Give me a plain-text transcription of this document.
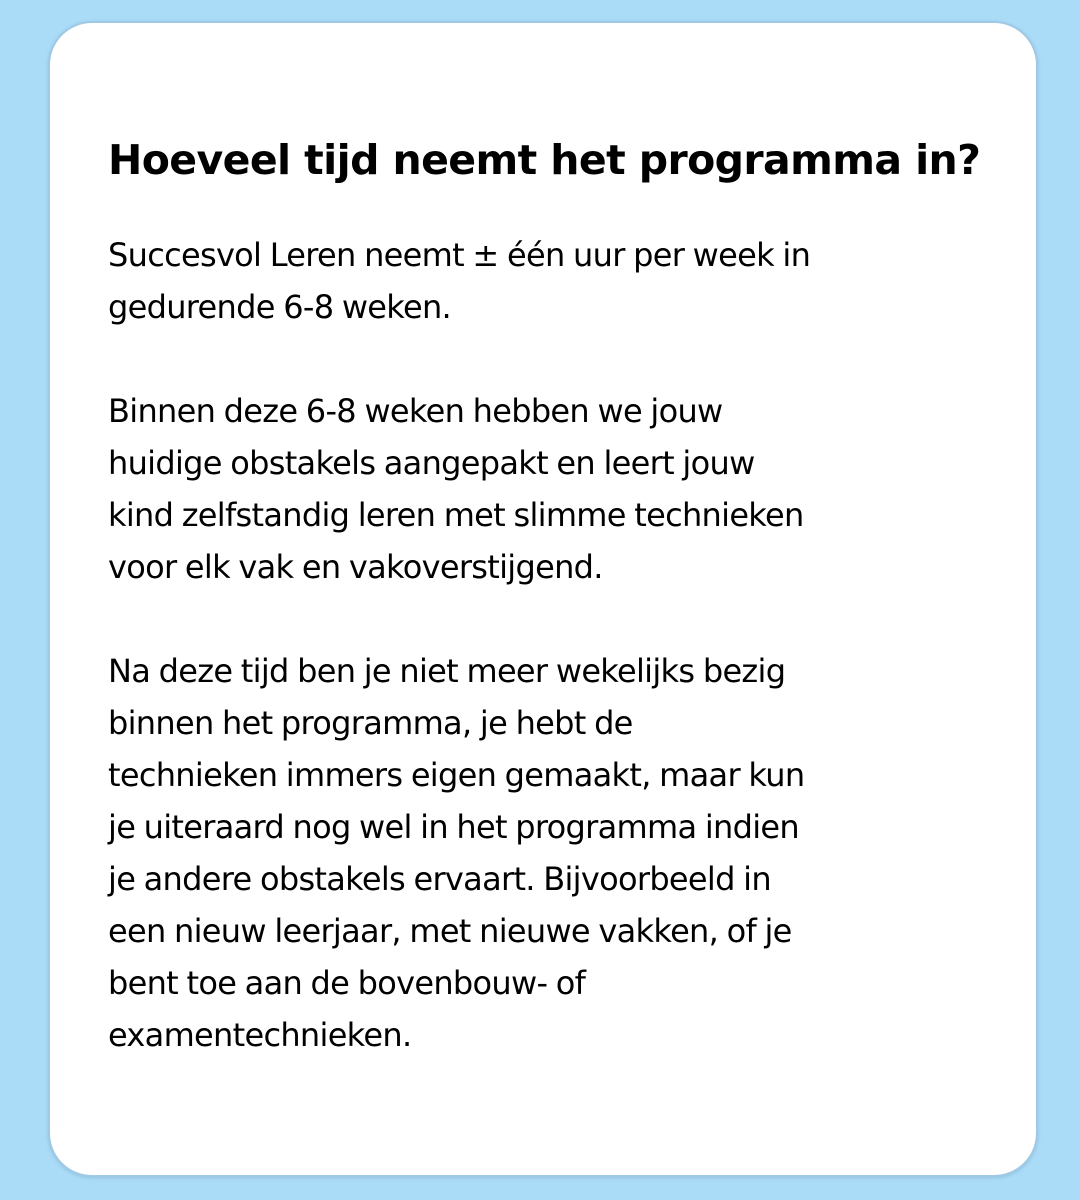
Hoeveel tijd neemt het programma in?

Succesvol Leren neemt ± één uur per week in
gedurende 6-8 weken.

Binnen deze 6-8 weken hebben we jouw
huidige obstakels aangepakt en leert jouw
kind zelfstandig leren met slimme technieken
voor elk vak en vakoverstijgend.

Na deze tijd ben je niet meer wekelijks bezig
binnen het programma, je hebt de
technieken immers eigen gemaakt, maar kun
je uiteraard nog wel in het programma indien
je andere obstakels ervaart. Bijvoorbeeld in
een nieuw leerjaar, met nieuwe vakken, of je
bent toe aan de bovenbouw- of
examentechnieken.
